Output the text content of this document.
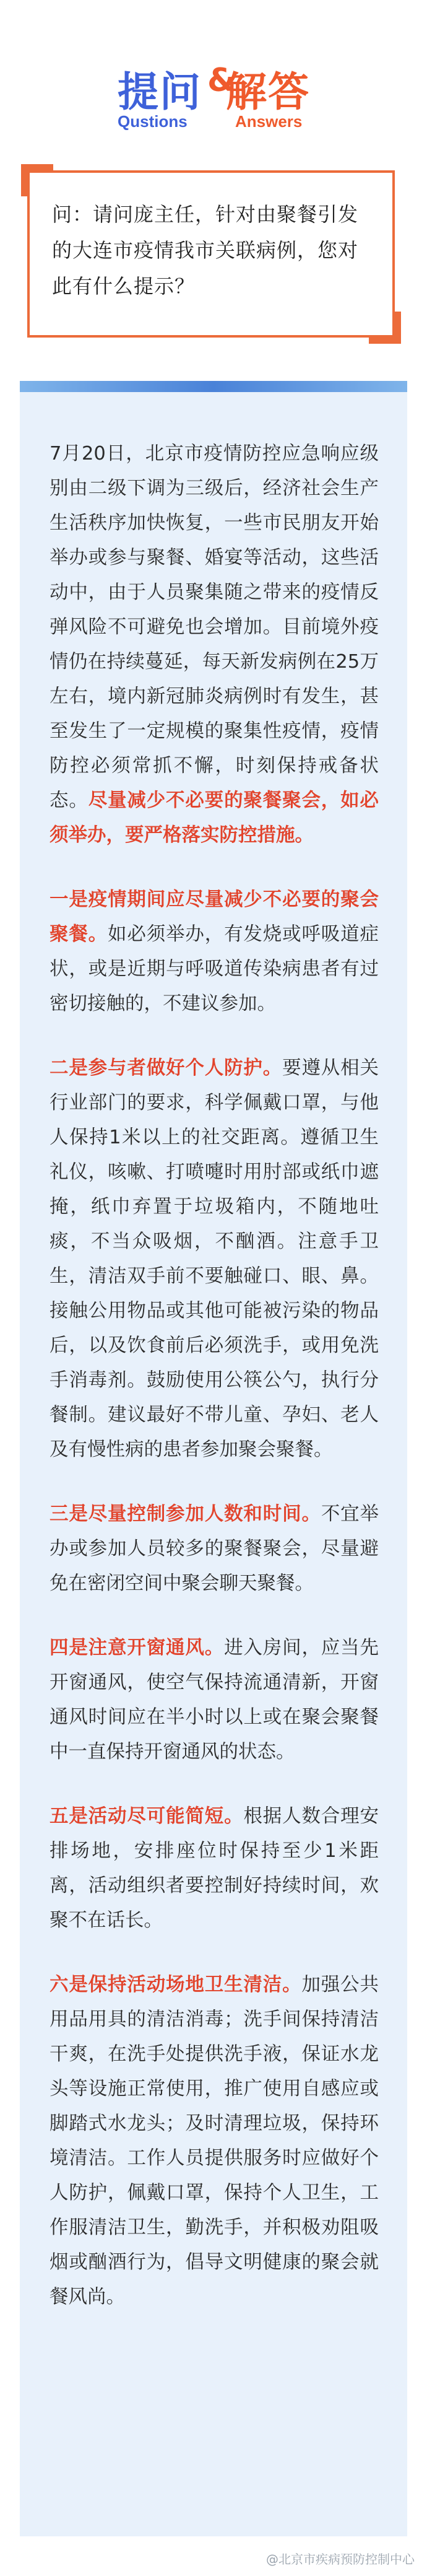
提问 &
解答
Qustions	Answers
问：请问庞主任，针对由聚餐引发的大连市疫情我市关联病例，您对此有什么提示？

7月20日，北京市疫情防控应急响应级别由二级下调为三级后，经济社会生产生活秩序加快恢复，一些市民朋友开始举办或参与聚餐、婚宴等活动，这些活动中，由于人员聚集随之带来的疫情反弹风险不可避免也会增加。目前境外疫情仍在持续蔓延，每天新发病例在25万左右，境内新冠肺炎病例时有发生，甚至发生了一定规模的聚集性疫情，疫情防控必须常抓不懈，时刻保持戒备状态。尽量减少不必要的聚餐聚会，如必须举办，要严格落实防控措施。

一是疫情期间应尽量减少不必要的聚会聚餐。如必须举办，有发烧或呼吸道症状，或是近期与呼吸道传染病患者有过密切接触的，不建议参加。

二是参与者做好个人防护。要遵从相关行业部门的要求，科学佩戴口罩，与他人保持1米以上的社交距离。遵循卫生礼仪，咳嗽、打喷嚏时用肘部或纸巾遮掩，纸巾弃置于垃圾箱内，不随地吐痰，不当众吸烟，不酗酒。注意手卫生，清洁双手前不要触碰口、眼、鼻。接触公用物品或其他可能被污染的物品后，以及饮食前后必须洗手，或用免洗手消毒剂。鼓励使用公筷公勺，执行分餐制。建议最好不带儿童、孕妇、老人及有慢性病的患者参加聚会聚餐。

三是尽量控制参加人数和时间。不宜举办或参加人员较多的聚餐聚会，尽量避免在密闭空间中聚会聊天聚餐。

四是注意开窗通风。进入房间，应当先开窗通风，使空气保持流通清新，开窗通风时间应在半小时以上或在聚会聚餐中一直保持开窗通风的状态。

五是活动尽可能简短。根据人数合理安排场地，安排座位时保持至少1米距离，活动组织者要控制好持续时间，欢聚不在话长。

六是保持活动场地卫生清洁。加强公共用品用具的清洁消毒；洗手间保持清洁干爽，在洗手处提供洗手液，保证水龙头等设施正常使用，推广使用自感应或脚踏式水龙头；及时清理垃圾，保持环境清洁。工作人员提供服务时应做好个人防护，佩戴口罩，保持个人卫生，工作服清洁卫生，勤洗手，并积极劝阻吸烟或酗酒行为，倡导文明健康的聚会就餐风尚。

@北京市疾病预防控制中心
